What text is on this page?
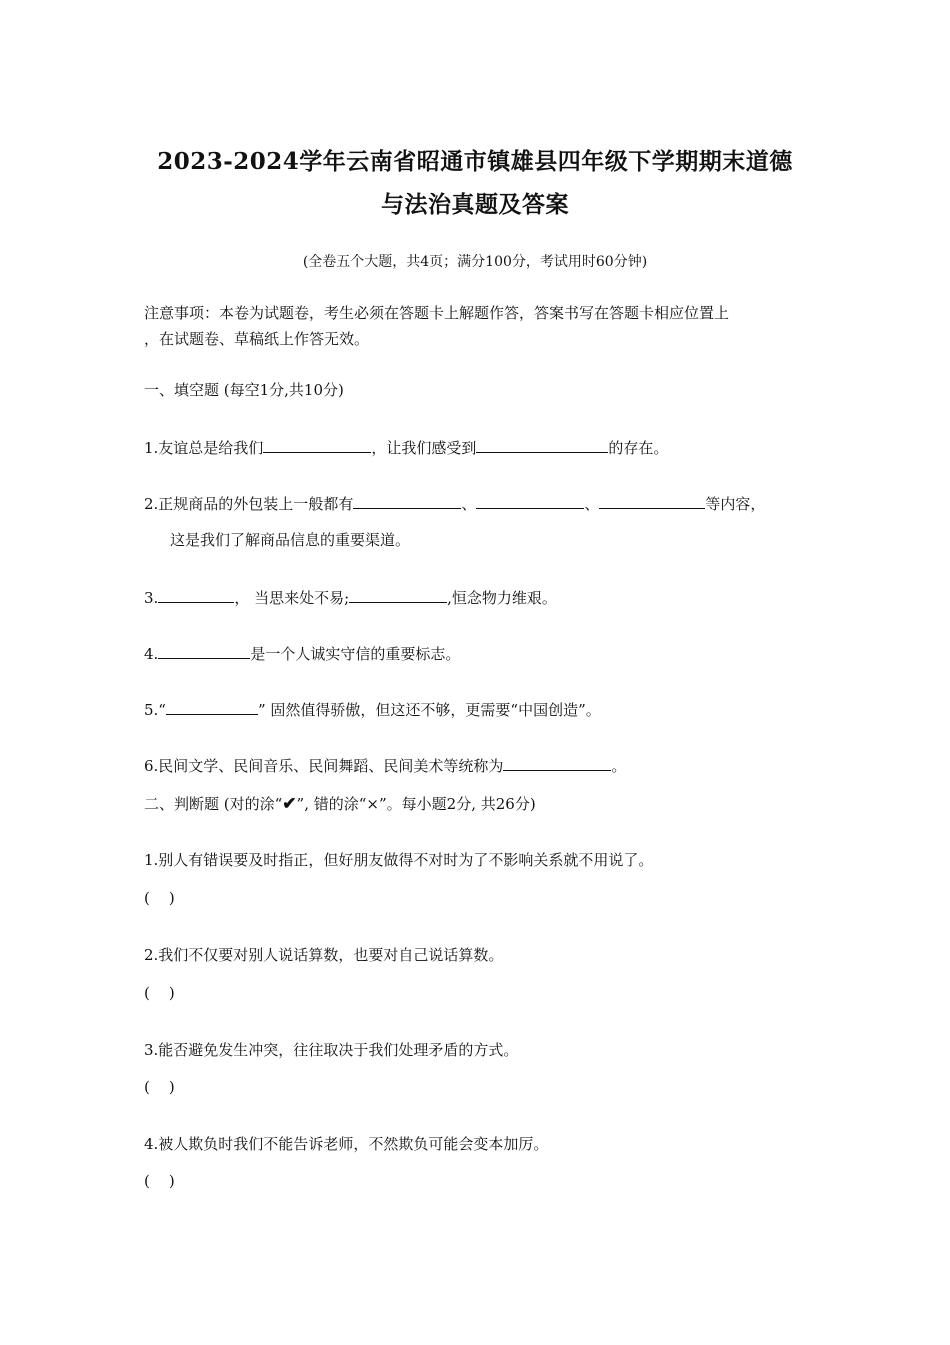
2023-2024学年云南省昭通市镇雄县四年级下学期期末道德
与法治真题及答案
(全卷五个大题，共4页；满分100分，考试用时60分钟)
注意事项：本卷为试题卷，考生必须在答题卡上解题作答，答案书写在答题卡相应位置上
，在试题卷、草稿纸上作答无效。
一、填空题 (每空1分,共10分)
1.友谊总是给我们	，让我们感受到	的存在。
2.正规商品的外包装上一般都有	、	、	等内容，
这是我们了解商品信息的重要渠道。
3.	， 当思来处不易;	,恒念物力维艰。
4.	是一个人诚实守信的重要标志。
5.“	” 固然值得骄傲，但这还不够，更需要“中国创造”。
6.民间文学、民间音乐、民间舞蹈、民间美术等统称为	。
二、判断题 (对的涂“✔”, 错的涂“×”。每小题2分, 共26分)
1.别人有错误要及时指正，但好朋友做得不对时为了不影响关系就不用说了。
(    )
2.我们不仅要对别人说话算数，也要对自己说话算数。
(    )
3.能否避免发生冲突，往往取决于我们处理矛盾的方式。
(    )
4.被人欺负时我们不能告诉老师，不然欺负可能会变本加厉。
(    )
